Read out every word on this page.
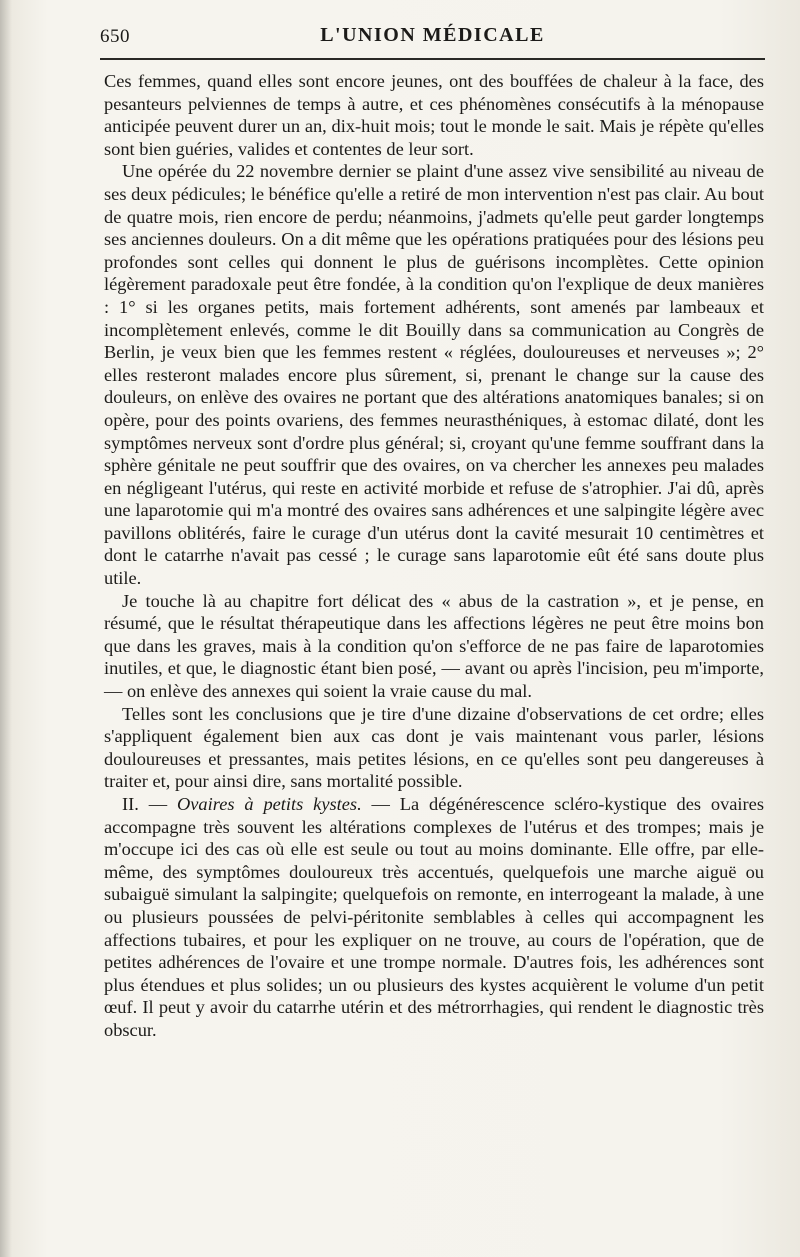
650	L'UNION MÉDICALE

Ces femmes, quand elles sont encore jeunes, ont des bouffées de chaleur à la face, des pesanteurs pelviennes de temps à autre, et ces phénomènes consécutifs à la ménopause anticipée peuvent durer un an, dix-huit mois; tout le monde le sait. Mais je répète qu'elles sont bien guéries, valides et contentes de leur sort.

Une opérée du 22 novembre dernier se plaint d'une assez vive sensibilité au niveau de ses deux pédicules; le bénéfice qu'elle a retiré de mon intervention n'est pas clair. Au bout de quatre mois, rien encore de perdu; néanmoins, j'admets qu'elle peut garder longtemps ses anciennes douleurs. On a dit même que les opérations pratiquées pour des lésions peu profondes sont celles qui donnent le plus de guérisons incomplètes. Cette opinion légèrement paradoxale peut être fondée, à la condition qu'on l'explique de deux manières : 1° si les organes petits, mais fortement adhérents, sont amenés par lambeaux et incomplètement enlevés, comme le dit Bouilly dans sa communication au Congrès de Berlin, je veux bien que les femmes restent « réglées, douloureuses et nerveuses »; 2° elles resteront malades encore plus sûrement, si, prenant le change sur la cause des douleurs, on enlève des ovaires ne portant que des altérations anatomiques banales; si on opère, pour des points ovariens, des femmes neurasthéniques, à estomac dilaté, dont les symptômes nerveux sont d'ordre plus général; si, croyant qu'une femme souffrant dans la sphère génitale ne peut souffrir que des ovaires, on va chercher les annexes peu malades en négligeant l'utérus, qui reste en activité morbide et refuse de s'atrophier. J'ai dû, après une laparotomie qui m'a montré des ovaires sans adhérences et une salpingite légère avec pavillons oblitérés, faire le curage d'un utérus dont la cavité mesurait 10 centimètres et dont le catarrhe n'avait pas cessé ; le curage sans laparotomie eût été sans doute plus utile.

Je touche là au chapitre fort délicat des « abus de la castration », et je pense, en résumé, que le résultat thérapeutique dans les affections légères ne peut être moins bon que dans les graves, mais à la condition qu'on s'efforce de ne pas faire de laparotomies inutiles, et que, le diagnostic étant bien posé, — avant ou après l'incision, peu m'importe, — on enlève des annexes qui soient la vraie cause du mal.

Telles sont les conclusions que je tire d'une dizaine d'observations de cet ordre; elles s'appliquent également bien aux cas dont je vais maintenant vous parler, lésions douloureuses et pressantes, mais petites lésions, en ce qu'elles sont peu dangereuses à traiter et, pour ainsi dire, sans mortalité possible.

II. — Ovaires à petits kystes. — La dégénérescence scléro-kystique des ovaires accompagne très souvent les altérations complexes de l'utérus et des trompes; mais je m'occupe ici des cas où elle est seule ou tout au moins dominante. Elle offre, par elle-même, des symptômes douloureux très accentués, quelquefois une marche aiguë ou subaiguë simulant la salpingite; quelquefois on remonte, en interrogeant la malade, à une ou plusieurs poussées de pelvi-péritonite semblables à celles qui accompagnent les affections tubaires, et pour les expliquer on ne trouve, au cours de l'opération, que de petites adhérences de l'ovaire et une trompe normale. D'autres fois, les adhérences sont plus étendues et plus solides; un ou plusieurs des kystes acquièrent le volume d'un petit œuf. Il peut y avoir du catarrhe utérin et des métrorrhagies, qui rendent le diagnostic très obscur.
